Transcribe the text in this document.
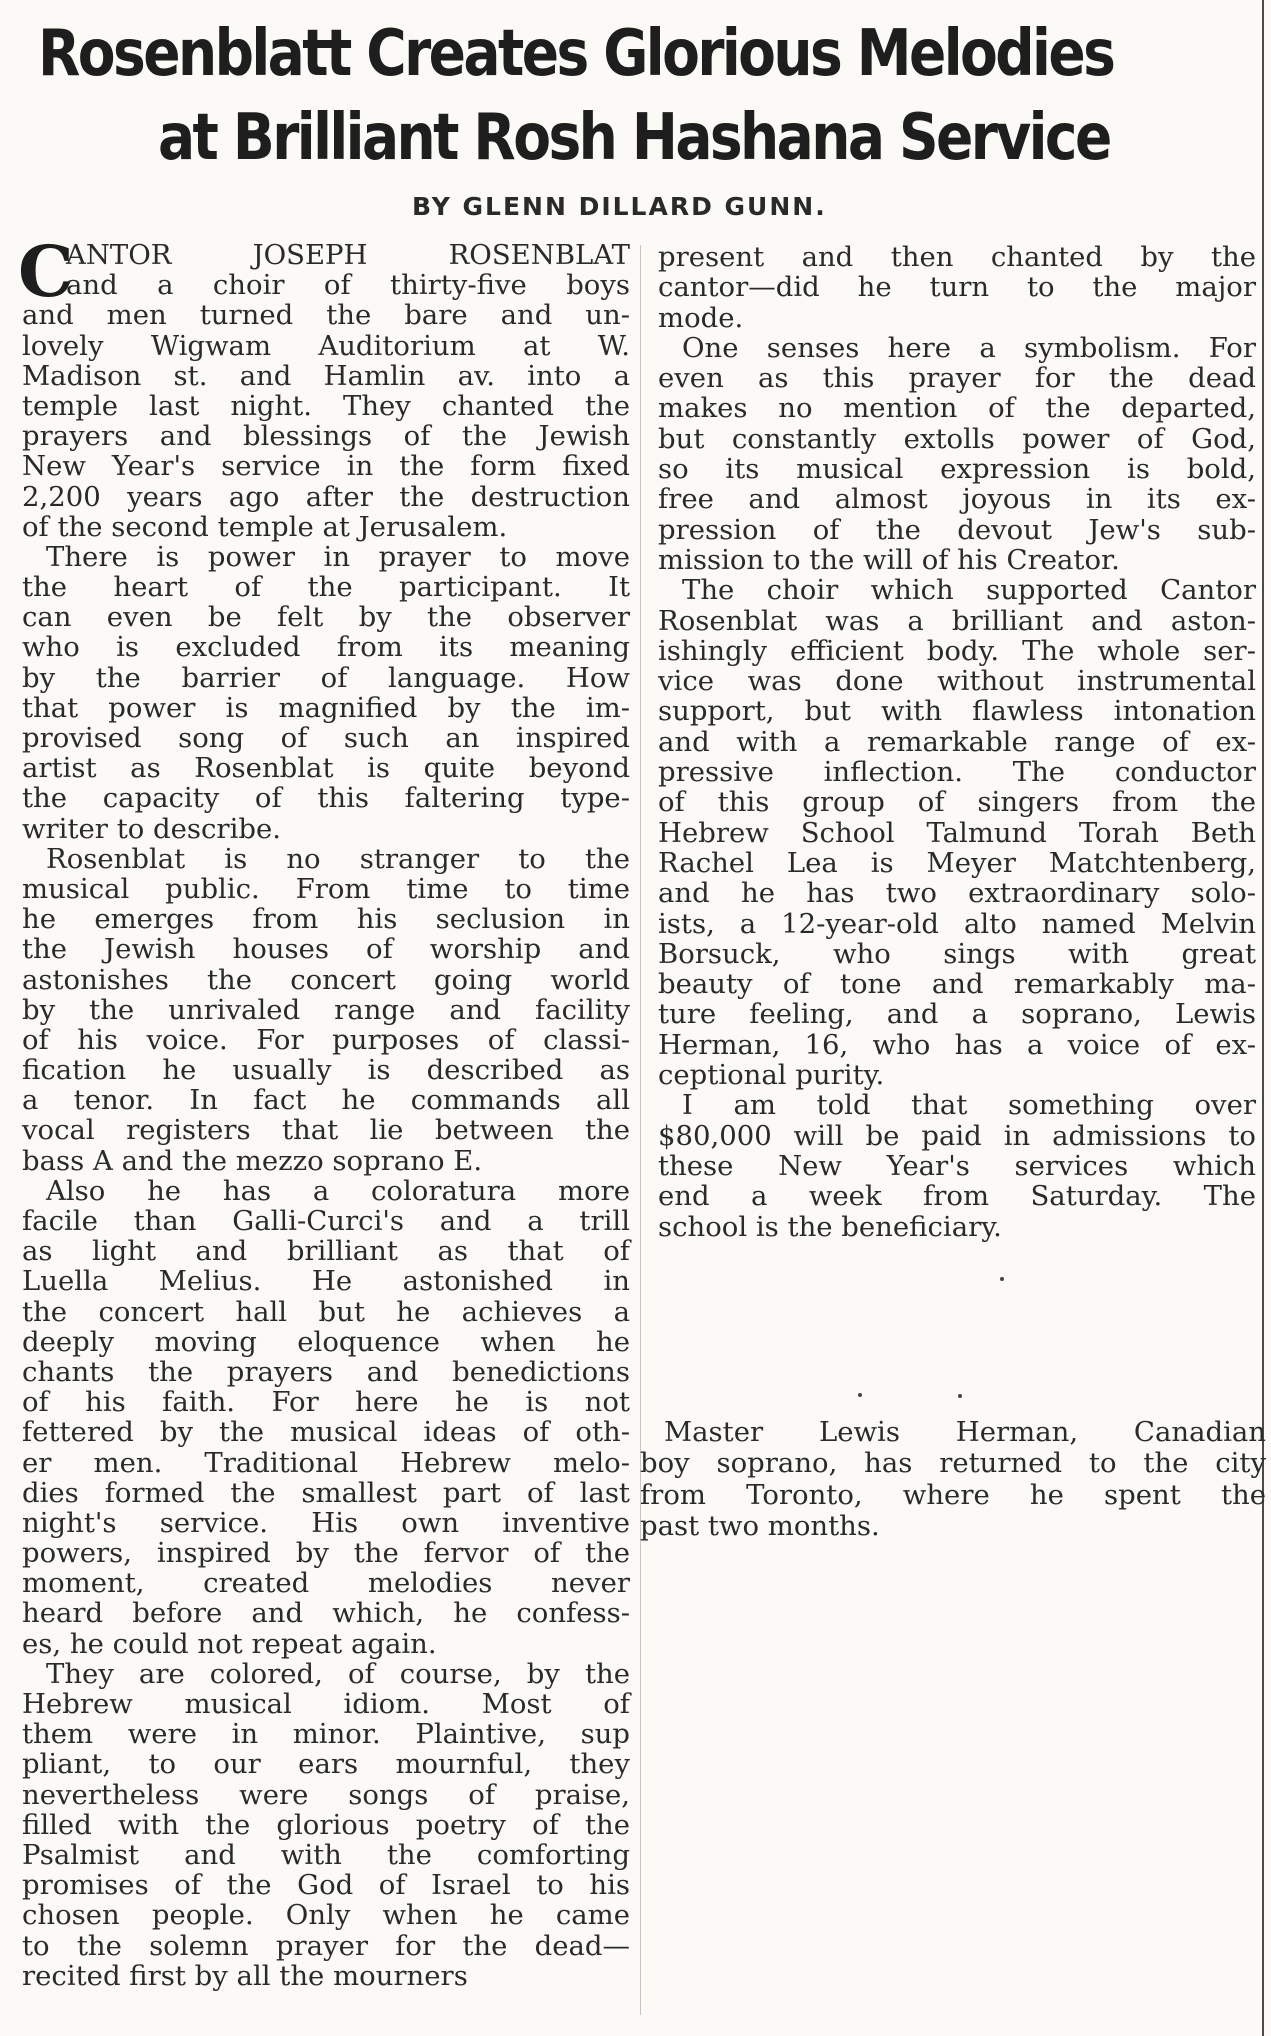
Rosenblatt Creates Glorious Melodies
at Brilliant Rosh Hashana Service

BY GLENN DILLARD GUNN.

C
ANTOR JOSEPH ROSENBLAT
and a choir of thirty-five boys
and men turned the bare and un-
lovely Wigwam Auditorium at W.
Madison st. and Hamlin av. into a
temple last night. They chanted the
prayers and blessings of the Jewish
New Year's service in the form fixed
2,200 years ago after the destruction
of the second temple at Jerusalem.
There is power in prayer to move
the heart of the participant. It
can even be felt by the observer
who is excluded from its meaning
by the barrier of language. How
that power is magnified by the im-
provised song of such an inspired
artist as Rosenblat is quite beyond
the capacity of this faltering type-
writer to describe.
Rosenblat is no stranger to the
musical public. From time to time
he emerges from his seclusion in
the Jewish houses of worship and
astonishes the concert going world
by the unrivaled range and facility
of his voice. For purposes of classi-
fication he usually is described as
a tenor. In fact he commands all
vocal registers that lie between the
bass A and the mezzo soprano E.
Also he has a coloratura more
facile than Galli-Curci's and a trill
as light and brilliant as that of
Luella Melius. He astonished in
the concert hall but he achieves a
deeply moving eloquence when he
chants the prayers and benedictions
of his faith. For here he is not
fettered by the musical ideas of oth-
er men. Traditional Hebrew melo-
dies formed the smallest part of last
night's service. His own inventive
powers, inspired by the fervor of the
moment, created melodies never
heard before and which, he confess-
es, he could not repeat again.
They are colored, of course, by the
Hebrew musical idiom. Most of
them were in minor. Plaintive, sup
pliant, to our ears mournful, they
nevertheless were songs of praise,
filled with the glorious poetry of the
Psalmist and with the comforting
promises of the God of Israel to his
chosen people. Only when he came
to the solemn prayer for the dead—
recited first by all the mourners
present and then chanted by the
cantor—did he turn to the major
mode.
One senses here a symbolism. For
even as this prayer for the dead
makes no mention of the departed,
but constantly extolls power of God,
so its musical expression is bold,
free and almost joyous in its ex-
pression of the devout Jew's sub-
mission to the will of his Creator.
The choir which supported Cantor
Rosenblat was a brilliant and aston-
ishingly efficient body. The whole ser-
vice was done without instrumental
support, but with flawless intonation
and with a remarkable range of ex-
pressive inflection. The conductor
of this group of singers from the
Hebrew School Talmund Torah Beth
Rachel Lea is Meyer Matchtenberg,
and he has two extraordinary solo-
ists, a 12-year-old alto named Melvin
Borsuck, who sings with great
beauty of tone and remarkably ma-
ture feeling, and a soprano, Lewis
Herman, 16, who has a voice of ex-
ceptional purity.
I am told that something over
$80,000 will be paid in admissions to
these New Year's services which
end a week from Saturday. The
school is the beneficiary.
Master Lewis Herman, Canadian
boy soprano, has returned to the city
from Toronto, where he spent the
past two months.
